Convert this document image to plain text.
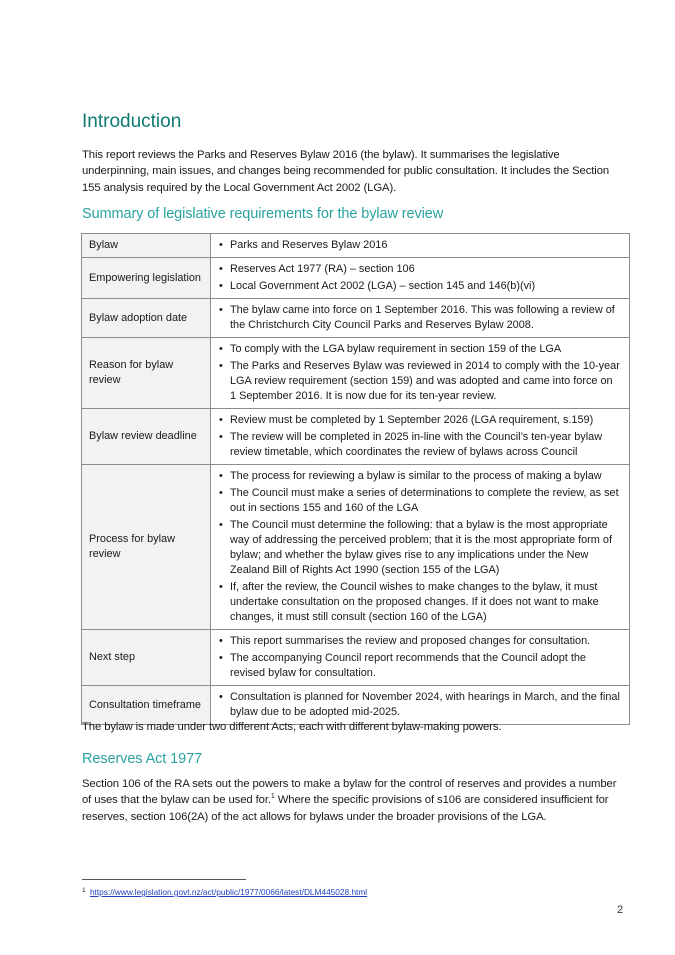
Introduction

This report reviews the Parks and Reserves Bylaw 2016 (the bylaw). It summarises the legislative underpinning, main issues, and changes being recommended for public consultation. It includes the Section 155 analysis required by the Local Government Act 2002 (LGA).

Summary of legislative requirements for the bylaw review
Bylaw	• Parks and Reserves Bylaw 2016

Empowering legislation	
• Reserves Act 1977 (RA) – section 106
• Local Government Act 2002 (LGA) – section 145 and 146(b)(vi)

Bylaw adoption date	
• The bylaw came into force on 1 September 2016. This was following a review of the Christchurch City Council Parks and Reserves Bylaw 2008.

Reason for bylaw review	
• To comply with the LGA bylaw requirement in section 159 of the LGA
• The Parks and Reserves Bylaw was reviewed in 2014 to comply with the 10-year LGA review requirement (section 159) and was adopted and came into force on 1 September 2016. It is now due for its ten-year review.

Bylaw review deadline	
• Review must be completed by 1 September 2026 (LGA requirement, s.159)
• The review will be completed in 2025 in-line with the Council’s ten-year bylaw review timetable, which coordinates the review of bylaws across Council

Process for bylaw review	
• The process for reviewing a bylaw is similar to the process of making a bylaw
• The Council must make a series of determinations to complete the review, as set out in sections 155 and 160 of the LGA
• The Council must determine the following: that a bylaw is the most appropriate way of addressing the perceived problem; that it is the most appropriate form of bylaw; and whether the bylaw gives rise to any implications under the New Zealand Bill of Rights Act 1990 (section 155 of the LGA)
• If, after the review, the Council wishes to make changes to the bylaw, it must undertake consultation on the proposed changes. If it does not want to make changes, it must still consult (section 160 of the LGA)

Next step	
• This report summarises the review and proposed changes for consultation.
• The accompanying Council report recommends that the Council adopt the revised bylaw for consultation.

Consultation timeframe	
• Consultation is planned for November 2024, with hearings in March, and the final bylaw due to be adopted mid-2025.

The bylaw is made under two different Acts, each with different bylaw-making powers.

Reserves Act 1977

Section 106 of the RA sets out the powers to make a bylaw for the control of reserves and provides a number of uses that the bylaw can be used for.$^1$ Where the specific provisions of s106 are considered insufficient for reserves, section 106(2A) of the act allows for bylaws under the broader provisions of the LGA.

$^1$ https://www.legislation.govt.nz/act/public/1977/0066/latest/DLM445028.html
2
